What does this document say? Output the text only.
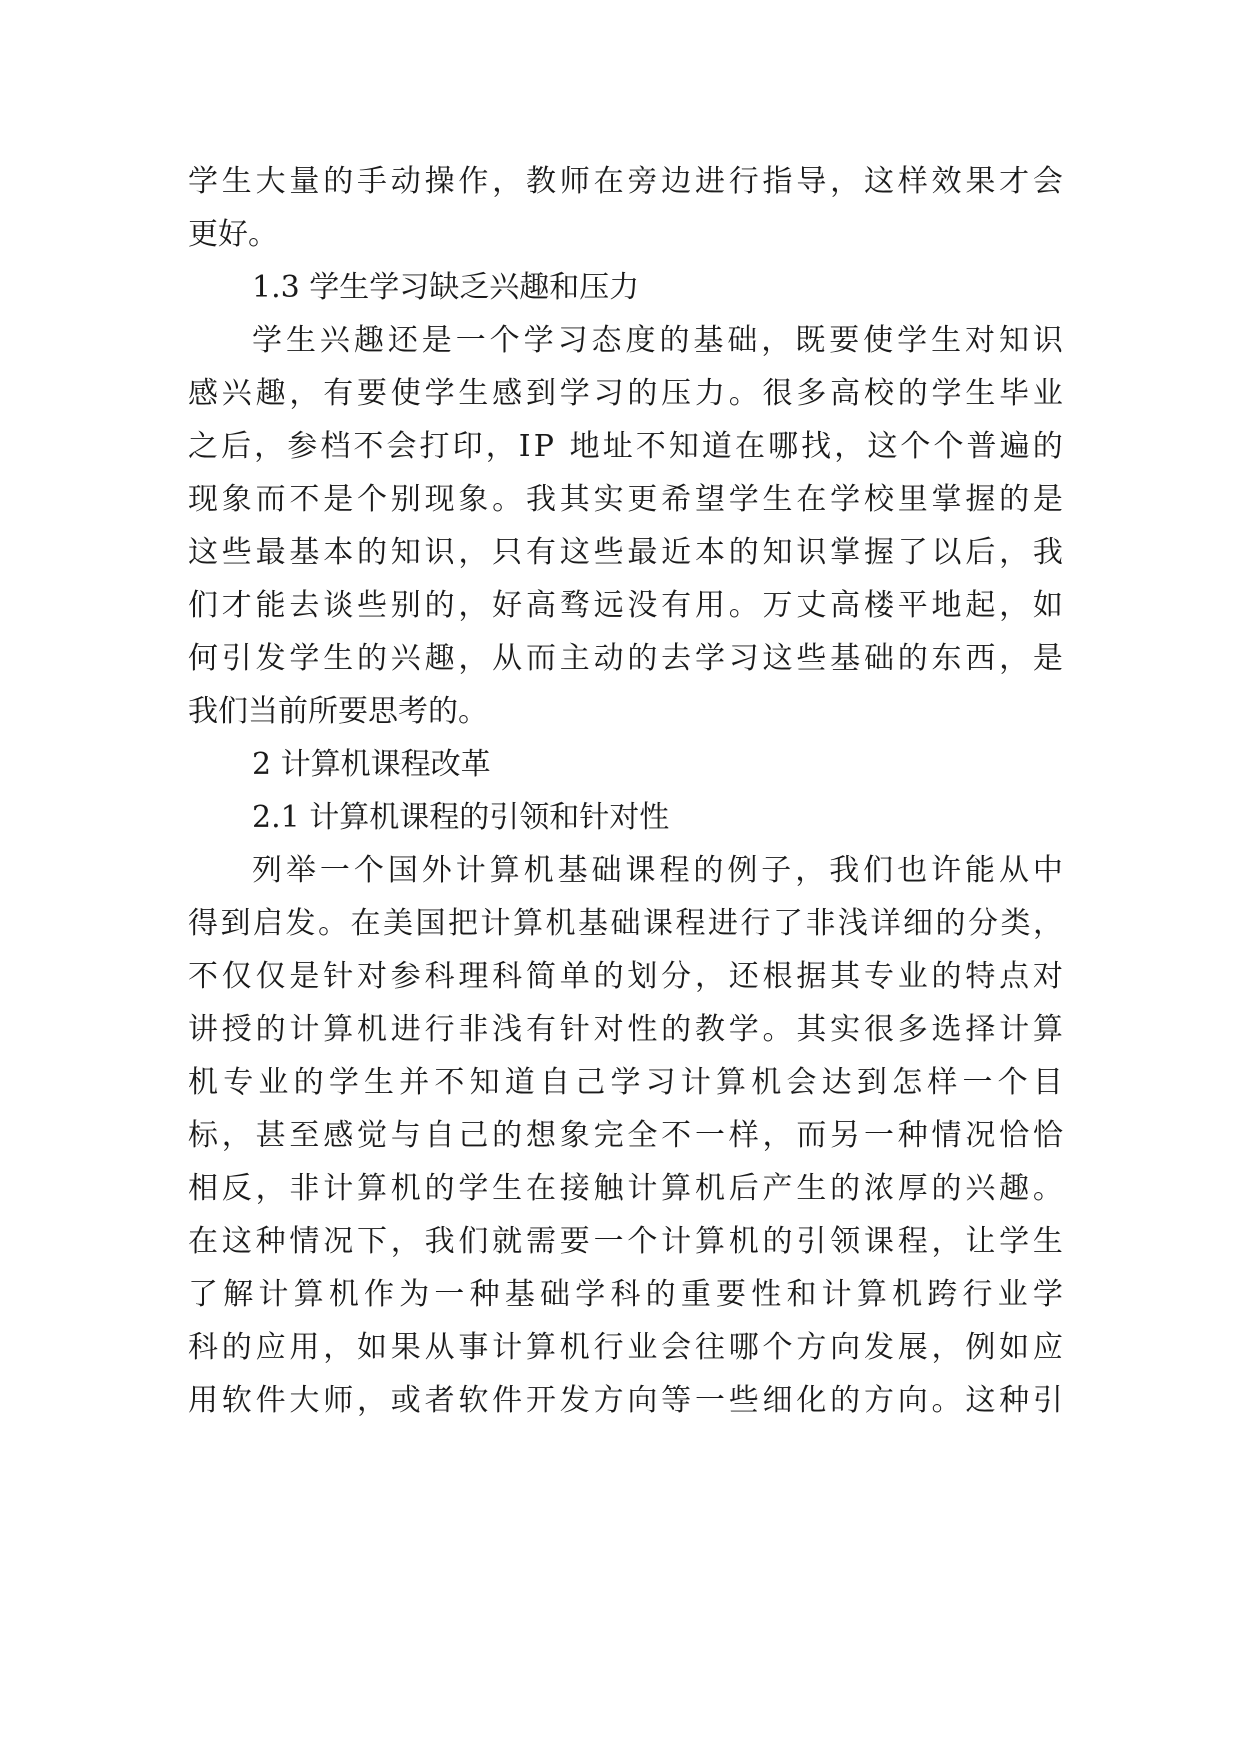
学 生 大 量 的 手 动 操 作 ， 教 师 在 旁 边 进 行 指 导 ， 这 样 效 果 才 会
更好。
1.3 学生学习缺乏兴趣和压力
学 生 兴 趣 还 是 一 个 学 习 态 度 的 基 础 ， 既 要 使 学 生 对 知 识
感 兴 趣 ， 有 要 使 学 生 感 到 学 习 的 压 力 。 很 多 高 校 的 学 生 毕 业
之 后 ， 参 档 不 会 打 印 ， I P
地 址 不 知 道 在 哪 找 ， 这 个 个 普 遍 的
现 象 而 不 是 个 别 现 象 。 我 其 实 更 希 望 学 生 在 学 校 里 掌 握 的 是
这 些 最 基 本 的 知 识 ， 只 有 这 些 最 近 本 的 知 识 掌 握 了 以 后 ， 我
们 才 能 去 谈 些 别 的 ， 好 高 骛 远 没 有 用 。 万 丈 高 楼 平 地 起 ， 如
何 引 发 学 生 的 兴 趣 ， 从 而 主 动 的 去 学 习 这 些 基 础 的 东 西 ， 是
我们当前所要思考的。
2 计算机课程改革
2.1 计算机课程的引领和针对性
列 举 一 个 国 外 计 算 机 基 础 课 程 的 例 子 ， 我 们 也 许 能 从 中
得 到 启 发 。 在 美 国 把 计 算 机 基 础 课 程 进 行 了 非 浅 详 细 的 分 类 ，
不 仅 仅 是 针 对 参 科 理 科 简 单 的 划 分 ， 还 根 据 其 专 业 的 特 点 对
讲 授 的 计 算 机 进 行 非 浅 有 针 对 性 的 教 学 。 其 实 很 多 选 择 计 算
机 专 业 的 学 生 并 不 知 道 自 己 学 习 计 算 机 会 达 到 怎 样 一 个 目
标 ， 甚 至 感 觉 与 自 己 的 想 象 完 全 不 一 样 ， 而 另 一 种 情 况 恰 恰
相 反 ， 非 计 算 机 的 学 生 在 接 触 计 算 机 后 产 生 的 浓 厚 的 兴 趣 。
在 这 种 情 况 下 ， 我 们 就 需 要 一 个 计 算 机 的 引 领 课 程 ， 让 学 生
了 解 计 算 机 作 为 一 种 基 础 学 科 的 重 要 性 和 计 算 机 跨 行 业 学
科 的 应 用 ， 如 果 从 事 计 算 机 行 业 会 往 哪 个 方 向 发 展 ， 例 如 应
用 软 件 大 师 ， 或 者 软 件 开 发 方 向 等 一 些 细 化 的 方 向 。 这 种 引
